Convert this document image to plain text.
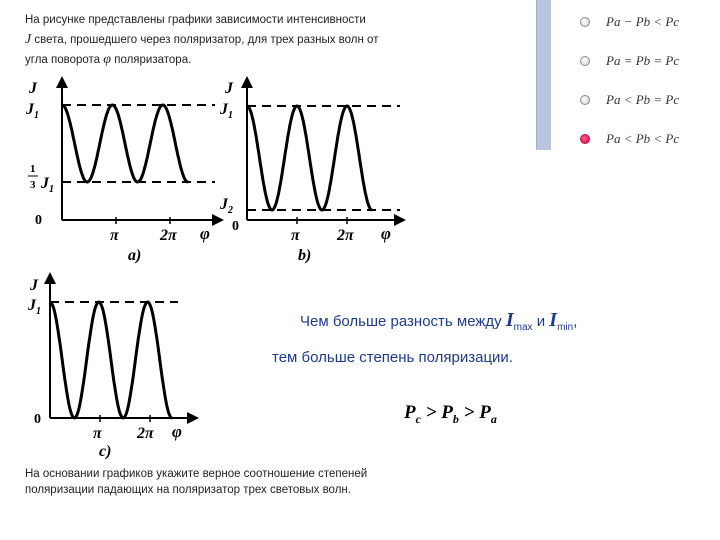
На рисунке представлены графики зависимости интенсивности
J света, прошедшего через поляризатор, для трех разных волн от
угла поворота φ поляризатора.
J
$J_1$
1
3 $J_1$
0
π	2π φ
a)
J
$J_1$
$J_2$
0
π 2π φ
b)
J
$J_1$
0
π 2π φ
c)
Pa − Pb < Pc
Pa = Pb = Pc
Pa < Pb = Pc
Pa < Pb < Pc
Чем больше разность между $I_{max}$ и $I_{min}$,
тем больше степень поляризации.
$P_c > P_b > P_a$
На основании графиков укажите верное соотношение степеней
поляризации падающих на поляризатор трех световых волн.
